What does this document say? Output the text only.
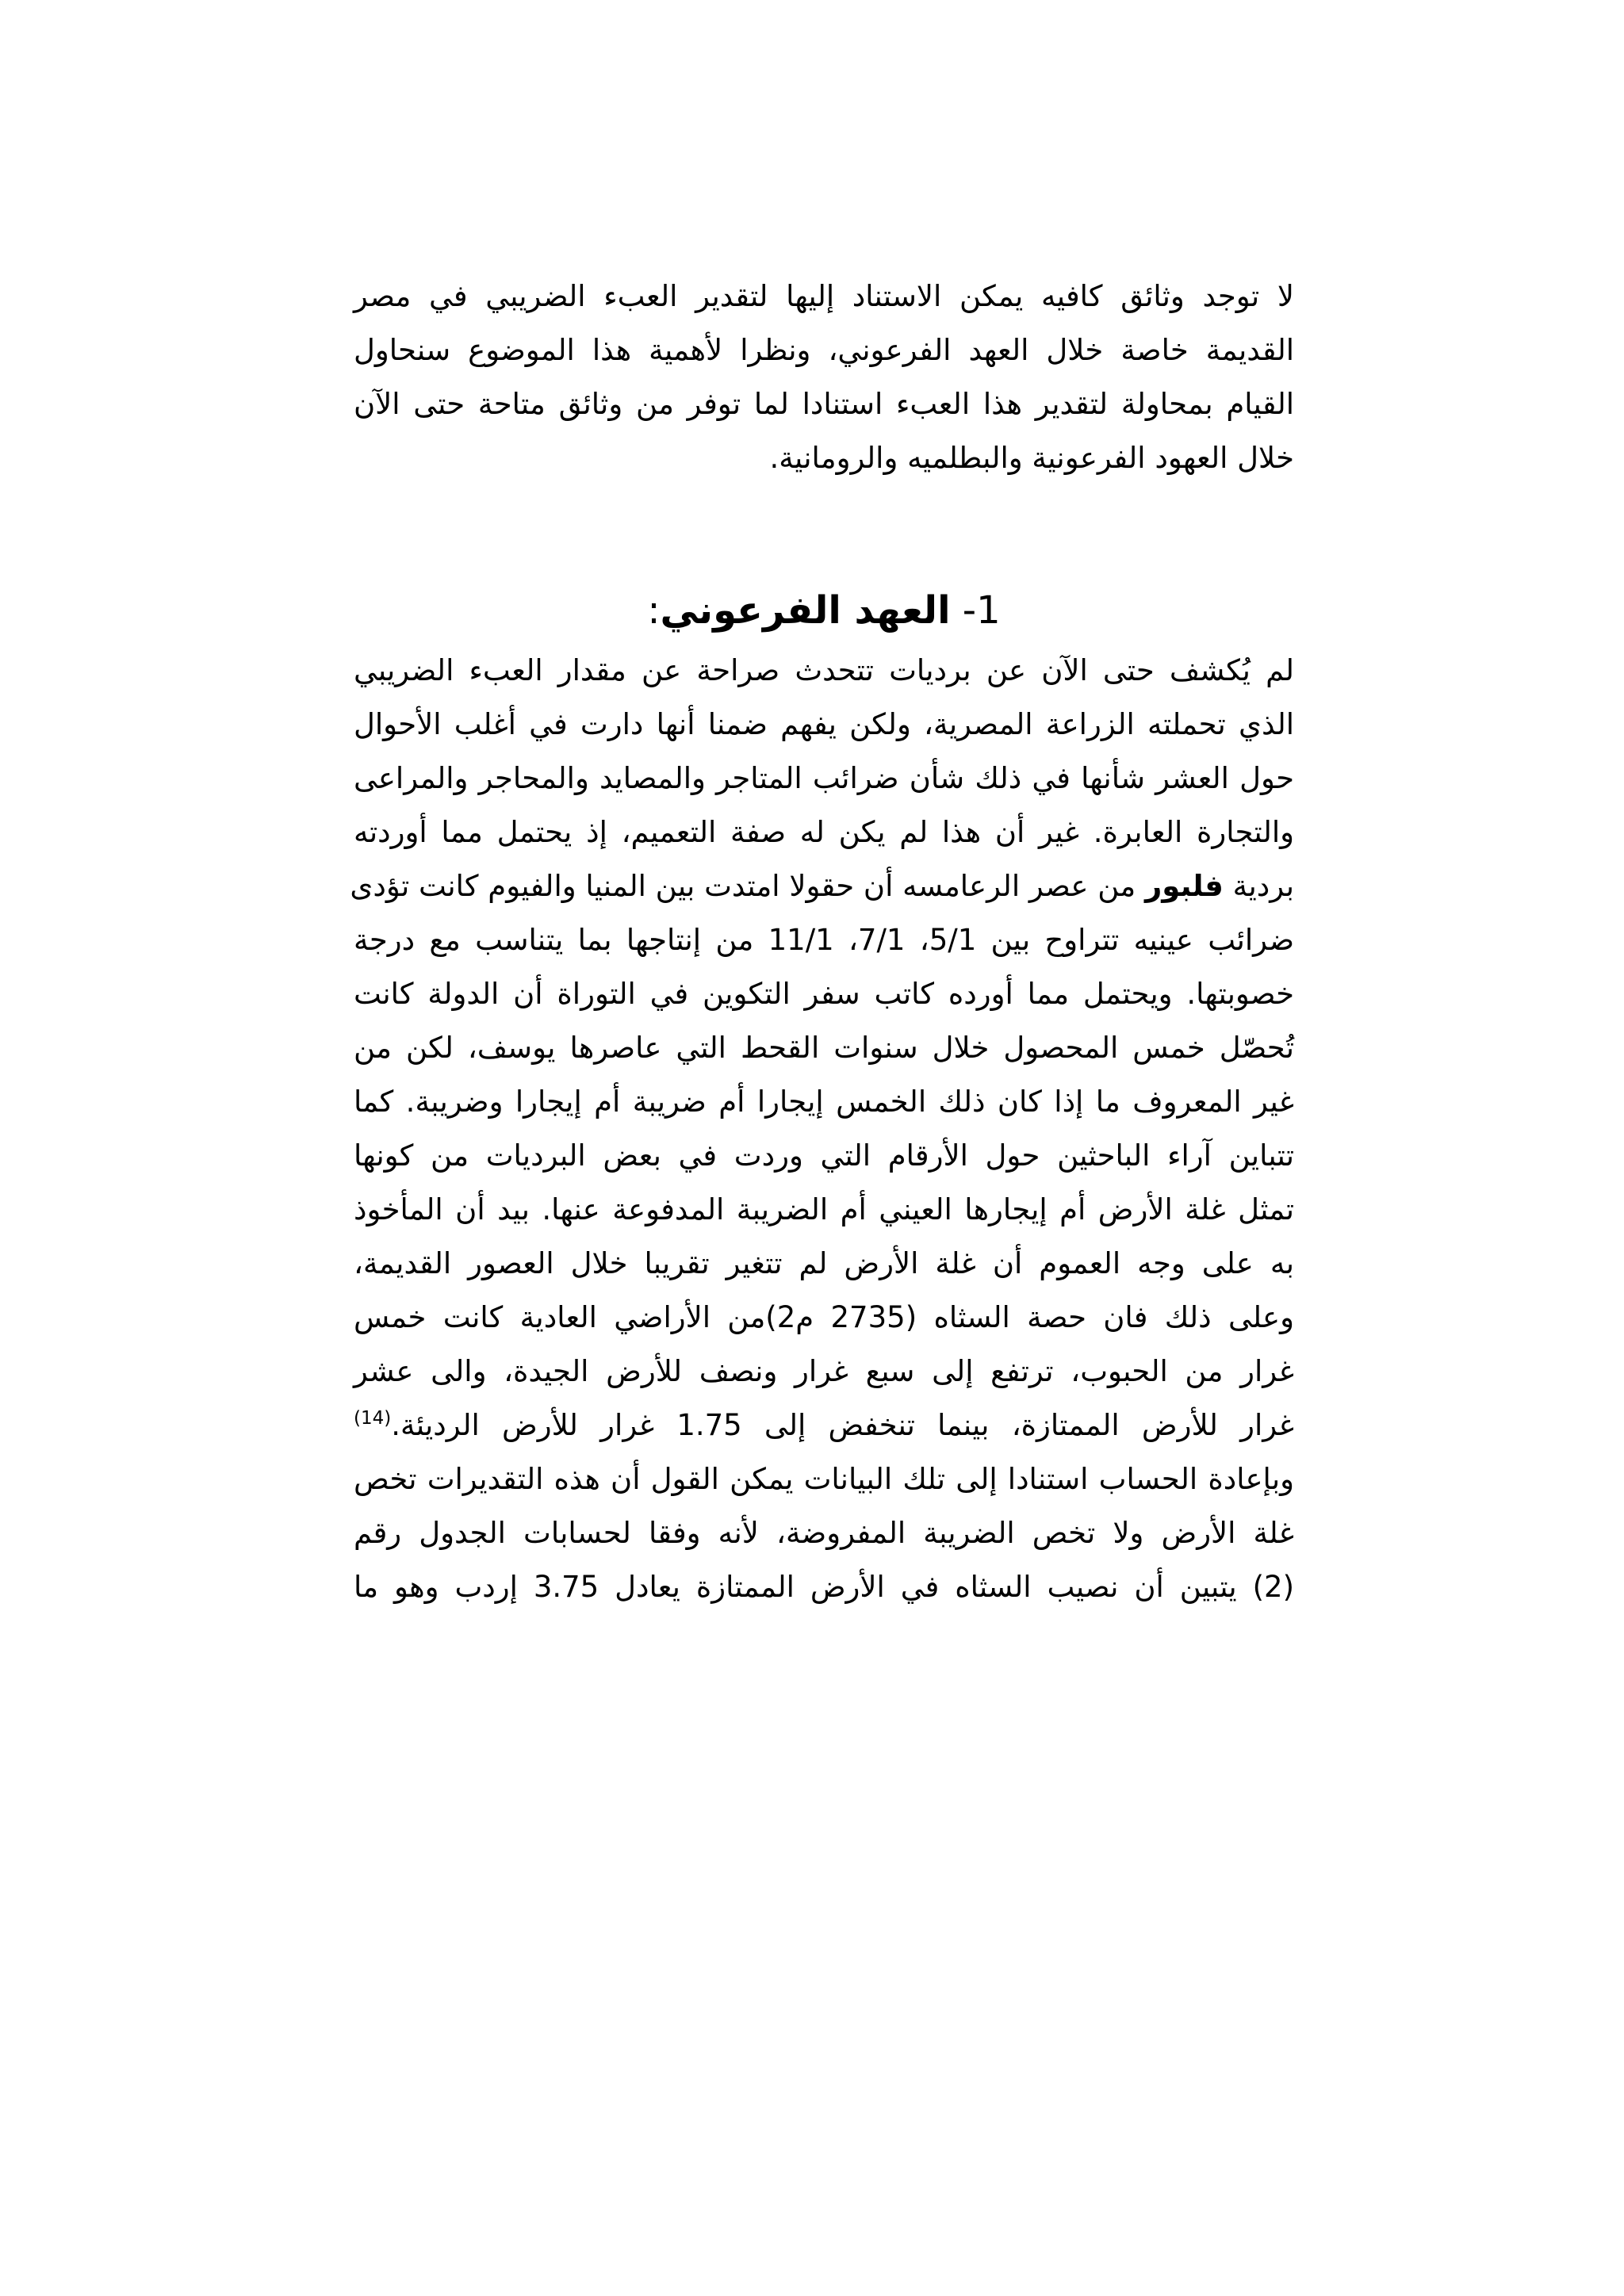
لا توجد وثائق كافيه يمكن الاستناد إليها لتقدير العبء الضريبي في مصر
القديمة خاصة خلال العهد الفرعوني، ونظرا لأهمية هذا الموضوع سنحاول
القيام بمحاولة لتقدير هذا العبء استنادا لما توفر من وثائق متاحة حتى الآن
خلال العهود الفرعونية والبطلميه والرومانية.
1- العهد الفرعوني:
لم يُكشف حتى الآن عن برديات تتحدث صراحة عن مقدار العبء الضريبي
الذي تحملته الزراعة المصرية، ولكن يفهم ضمنا أنها دارت في أغلب الأحوال
حول العشر شأنها في ذلك شأن ضرائب المتاجر والمصايد والمحاجر والمراعى
والتجارة العابرة. غير أن هذا لم يكن له صفة التعميم، إذ يحتمل مما أوردته
بردية فلبور من عصر الرعامسه أن حقولا امتدت بين المنيا والفيوم كانت تؤدى
ضرائب عينيه تتراوح بين 5/1، 7/1، 11/1 من إنتاجها بما يتناسب مع درجة
خصوبتها. ويحتمل مما أورده كاتب سفر التكوين في التوراة أن الدولة كانت
تُحصّل خمس المحصول خلال سنوات القحط التي عاصرها يوسف، لكن من
غير المعروف ما إذا كان ذلك الخمس إيجارا أم ضريبة أم إيجارا وضريبة. كما
تتباين آراء الباحثين حول الأرقام التي وردت في بعض البرديات من كونها
تمثل غلة الأرض أم إيجارها العيني أم الضريبة المدفوعة عنها. بيد أن المأخوذ
به على وجه العموم أن غلة الأرض لم تتغير تقريبا خلال العصور القديمة،
وعلى ذلك فان حصة السثاه (2735 م2)من الأراضي العادية كانت خمس
غرار من الحبوب، ترتفع إلى سبع غرار ونصف للأرض الجيدة، والى عشر
غرار للأرض الممتازة، بينما تنخفض إلى 1.75 غرار للأرض الرديئة.$^{(14)}$
وبإعادة الحساب استنادا إلى تلك البيانات يمكن القول أن هذه التقديرات تخص
غلة الأرض ولا تخص الضريبة المفروضة، لأنه وفقا لحسابات الجدول رقم
(2) يتبين أن نصيب السثاه في الأرض الممتازة يعادل 3.75 إردب وهو ما
